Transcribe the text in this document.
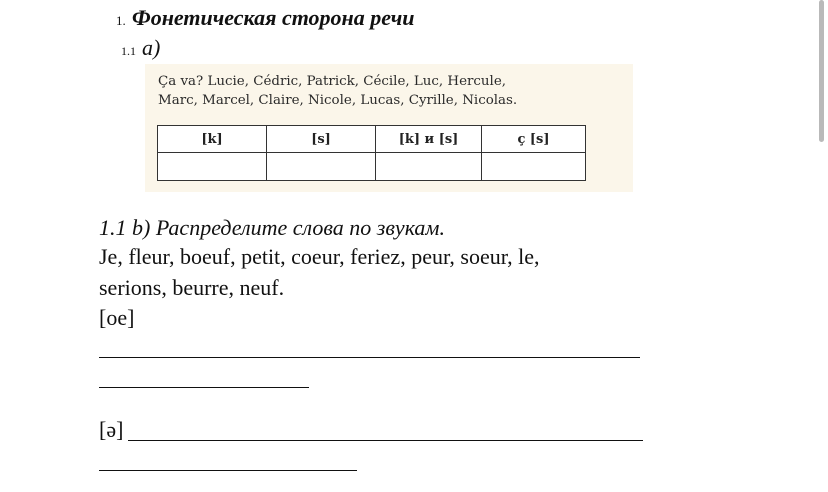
1. Фонетическая сторона речи
1.1 a)
Ça va? Lucie, Cédric, Patrick, Cécile, Luc, Hercule,
Marc, Marcel, Claire, Nicole, Lucas, Cyrille, Nicolas.
[k]	[s]	[k] и [s]	ç [s]

1.1 b) Распределите слова по звукам.
Je, fleur, boeuf, petit, coeur, feriez, peur, soeur, le,
serions, beurre, neuf.
[oe]
[ə]
